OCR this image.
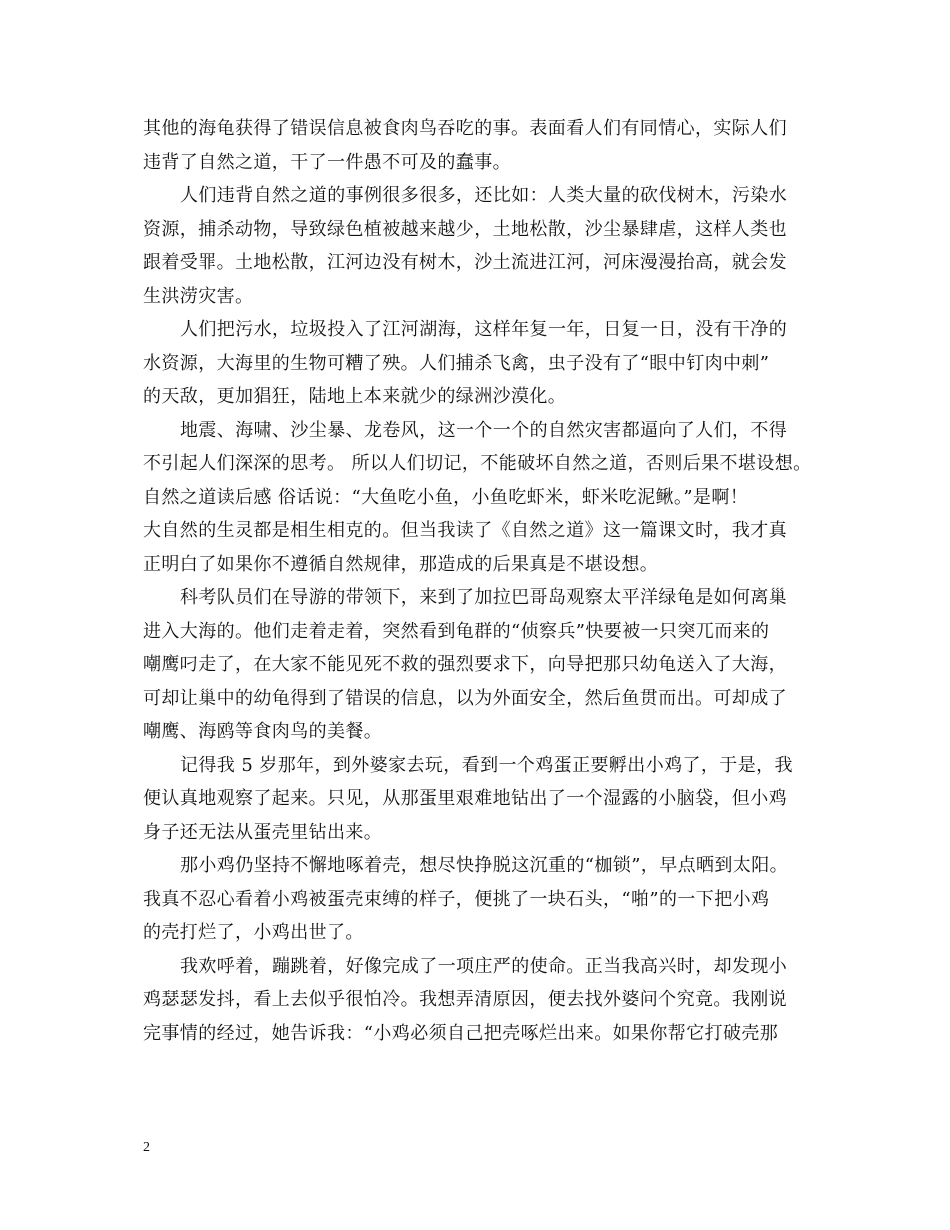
其他的海龟获得了错误信息被食肉鸟吞吃的事。表面看人们有同情心，实际人们
违背了自然之道，干了一件愚不可及的蠢事。
人们违背自然之道的事例很多很多，还比如：人类大量的砍伐树木，污染水
资源，捕杀动物，导致绿色植被越来越少，土地松散，沙尘暴肆虐，这样人类也
跟着受罪。土地松散，江河边没有树木，沙土流进江河，河床漫漫抬高，就会发
生洪涝灾害。
人们把污水，垃圾投入了江河湖海，这样年复一年，日复一日，没有干净的
水资源，大海里的生物可糟了殃。人们捕杀飞禽，虫子没有了“眼中钉肉中刺”
的天敌，更加猖狂，陆地上本来就少的绿洲沙漠化。
地震、海啸、沙尘暴、龙卷风，这一个一个的自然灾害都逼向了人们，不得
不引起人们深深的思考。 所以人们切记，不能破坏自然之道，否则后果不堪设想。
自然之道读后感 俗话说：“大鱼吃小鱼，小鱼吃虾米，虾米吃泥鳅。”是啊！
大自然的生灵都是相生相克的。但当我读了《自然之道》这一篇课文时，我才真
正明白了如果你不遵循自然规律，那造成的后果真是不堪设想。
科考队员们在导游的带领下，来到了加拉巴哥岛观察太平洋绿龟是如何离巢
进入大海的。他们走着走着，突然看到龟群的“侦察兵”快要被一只突兀而来的
嘲鹰叼走了，在大家不能见死不救的强烈要求下，向导把那只幼龟送入了大海，
可却让巢中的幼龟得到了错误的信息，以为外面安全，然后鱼贯而出。可却成了
嘲鹰、海鸥等食肉鸟的美餐。
记得我 5 岁那年，到外婆家去玩，看到一个鸡蛋正要孵出小鸡了，于是，我
便认真地观察了起来。只见，从那蛋里艰难地钻出了一个湿露的小脑袋，但小鸡
身子还无法从蛋壳里钻出来。
那小鸡仍坚持不懈地啄着壳，想尽快挣脱这沉重的“枷锁”，早点晒到太阳。
我真不忍心看着小鸡被蛋壳束缚的样子，便挑了一块石头，“啪”的一下把小鸡
的壳打烂了，小鸡出世了。
我欢呼着，蹦跳着，好像完成了一项庄严的使命。正当我高兴时，却发现小
鸡瑟瑟发抖，看上去似乎很怕冷。我想弄清原因，便去找外婆问个究竟。我刚说
完事情的经过，她告诉我：“小鸡必须自己把壳啄烂出来。如果你帮它打破壳那
2
